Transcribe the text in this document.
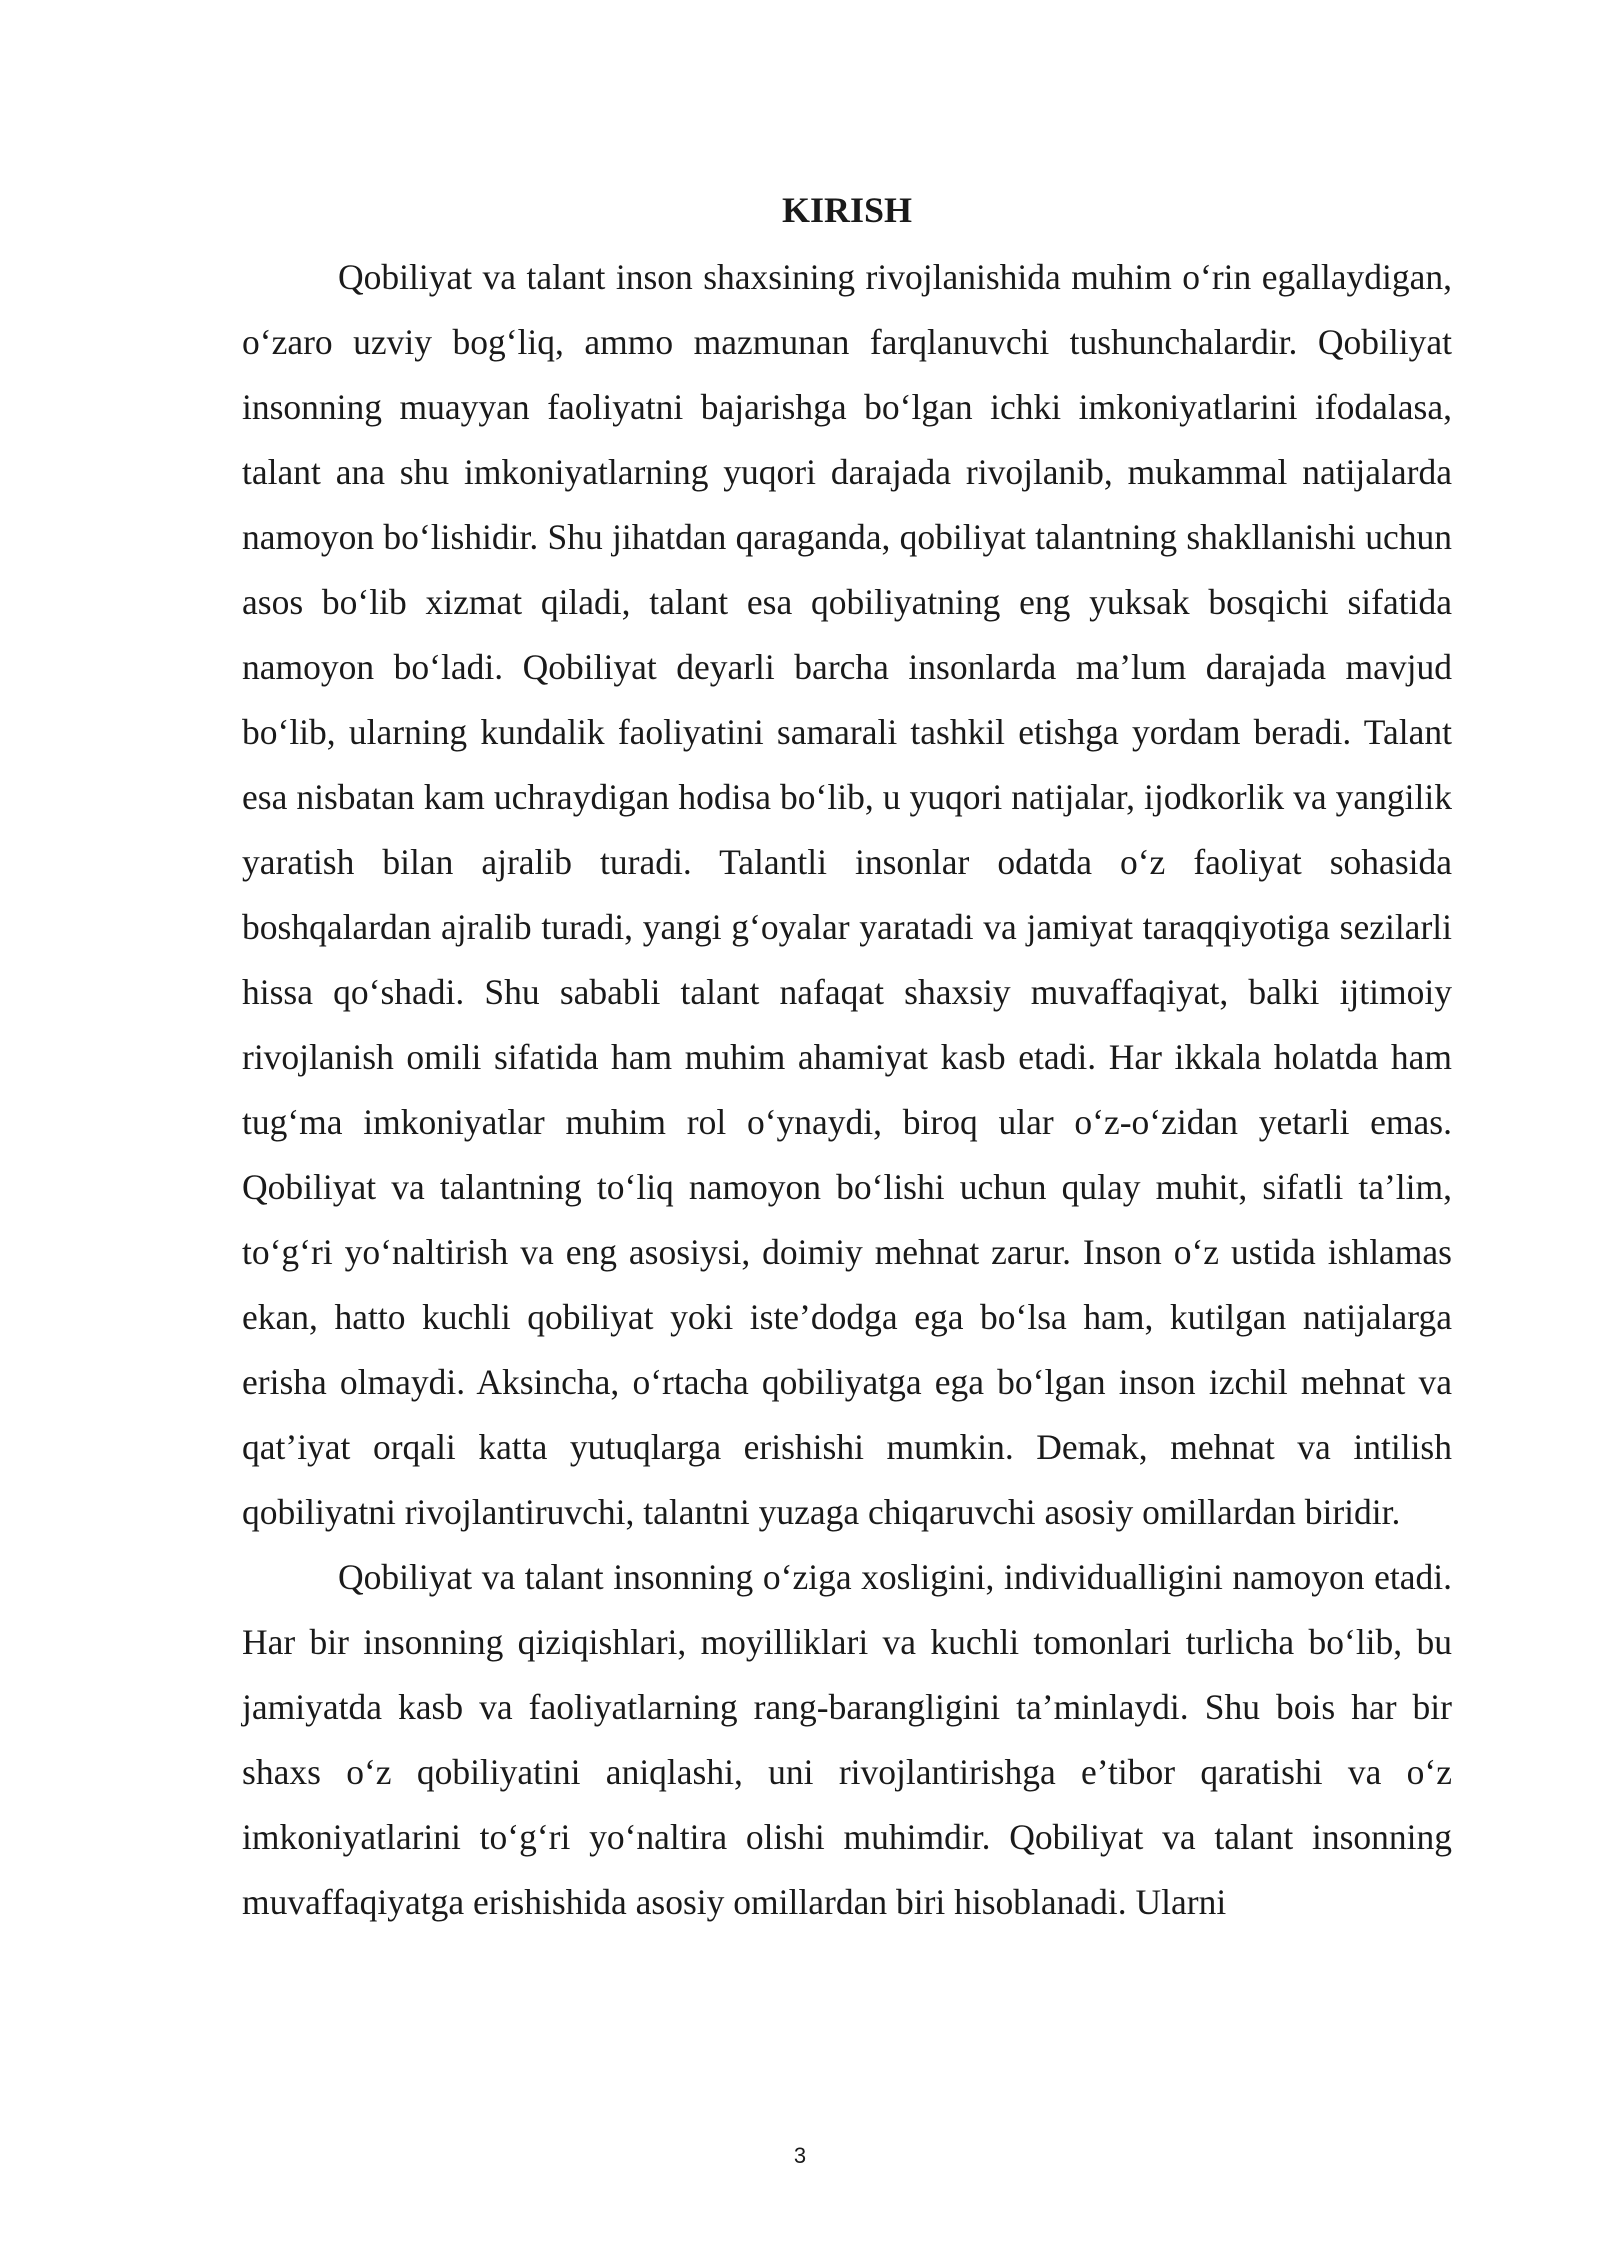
KIRISH

Qobiliyat va talant inson shaxsining rivojlanishida muhim o‘rin egallaydigan, o‘zaro uzviy bog‘liq, ammo mazmunan farqlanuvchi tushunchalardir. Qobiliyat insonning muayyan faoliyatni bajarishga bo‘lgan ichki imkoniyatlarini ifodalasa, talant ana shu imkoniyatlarning yuqori darajada rivojlanib, mukammal natijalarda namoyon bo‘lishidir. Shu jihatdan qaraganda, qobiliyat talantning shakllanishi uchun asos bo‘lib xizmat qiladi, talant esa qobiliyatning eng yuksak bosqichi sifatida namoyon bo‘ladi. Qobiliyat deyarli barcha insonlarda ma’lum darajada mavjud bo‘lib, ularning kundalik faoliyatini samarali tashkil etishga yordam beradi. Talant esa nisbatan kam uchraydigan hodisa bo‘lib, u yuqori natijalar, ijodkorlik va yangilik yaratish bilan ajralib turadi. Talantli insonlar odatda o‘z faoliyat sohasida boshqalardan ajralib turadi, yangi g‘oyalar yaratadi va jamiyat taraqqiyotiga sezilarli hissa qo‘shadi. Shu sababli talant nafaqat shaxsiy muvaffaqiyat, balki ijtimoiy rivojlanish omili sifatida ham muhim ahamiyat kasb etadi. Har ikkala holatda ham tug‘ma imkoniyatlar muhim rol o‘ynaydi, biroq ular o‘z-o‘zidan yetarli emas. Qobiliyat va talantning to‘liq namoyon bo‘lishi uchun qulay muhit, sifatli ta’lim, to‘g‘ri yo‘naltirish va eng asosiysi, doimiy mehnat zarur. Inson o‘z ustida ishlamas ekan, hatto kuchli qobiliyat yoki iste’dodga ega bo‘lsa ham, kutilgan natijalarga erisha olmaydi. Aksincha, o‘rtacha qobiliyatga ega bo‘lgan inson izchil mehnat va qat’iyat orqali katta yutuqlarga erishishi mumkin. Demak, mehnat va intilish qobiliyatni rivojlantiruvchi, talantni yuzaga chiqaruvchi asosiy omillardan biridir.

Qobiliyat va talant insonning o‘ziga xosligini, individualligini namoyon etadi. Har bir insonning qiziqishlari, moyilliklari va kuchli tomonlari turlicha bo‘lib, bu jamiyatda kasb va faoliyatlarning rang-barangligini ta’minlaydi. Shu bois har bir shaxs o‘z qobiliyatini aniqlashi, uni rivojlantirishga e’tibor qaratishi va o‘z imkoniyatlarini to‘g‘ri yo‘naltira olishi muhimdir. Qobiliyat va talant insonning muvaffaqiyatga erishishida asosiy omillardan biri hisoblanadi. Ularni

3
